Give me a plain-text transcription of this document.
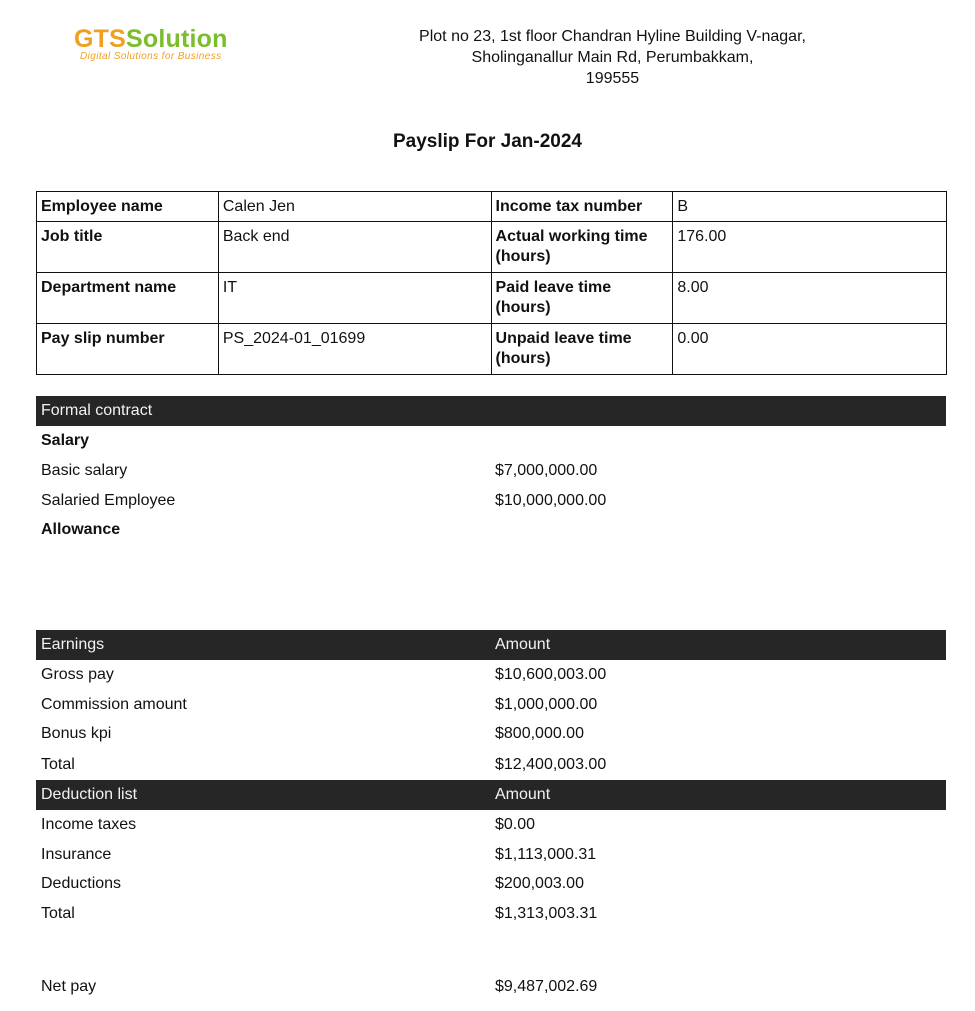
GTSSolution
Digital Solutions for Business
Plot no 23, 1st floor Chandran Hyline Building V-nagar,
Sholinganallur Main Rd, Perumbakkam,
199555
Payslip For Jan-2024
Employee name	Calen Jen	Income tax number	B
Job title	Back end	Actual working time (hours)	176.00
Department name	IT	Paid leave time (hours)	8.00
Pay slip number	PS_2024-01_01699	Unpaid leave time (hours)	0.00
Formal contract
Salary
Basic salary	$7,000,000.00
Salaried Employee	$10,000,000.00
Allowance
Earnings	Amount
Gross pay	$10,600,003.00
Commission amount	$1,000,000.00
Bonus kpi	$800,000.00
Total	$12,400,003.00
Deduction list	Amount
Income taxes	$0.00
Insurance	$1,113,000.31
Deductions	$200,003.00
Total	$1,313,003.31
Net pay	$9,487,002.69
